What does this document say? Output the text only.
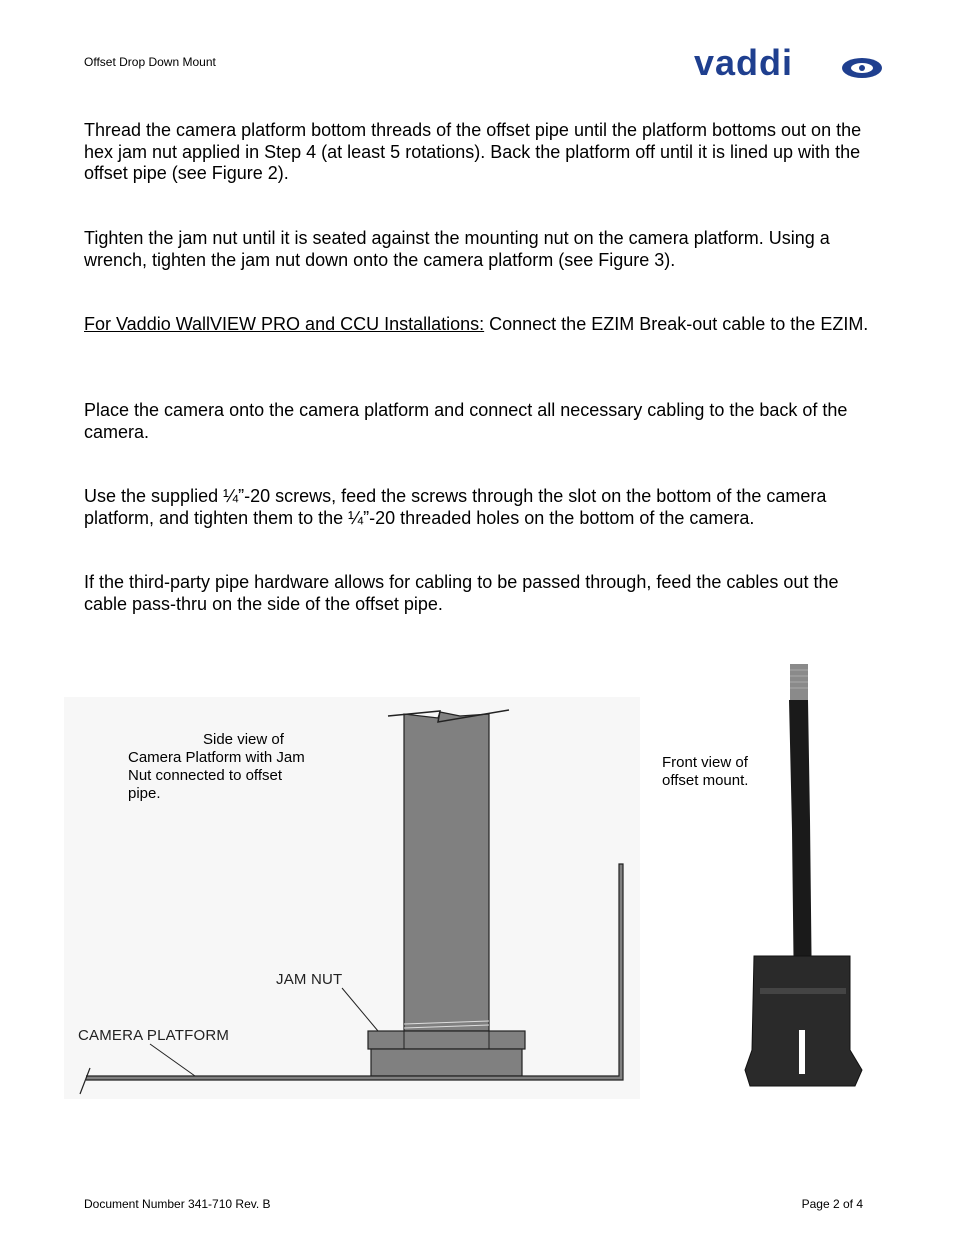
Offset Drop Down Mount	vaddi

Thread the camera platform bottom threads of the offset pipe until the platform bottoms out on the hex jam nut applied in Step 4 (at least 5 rotations). Back the platform off until it is lined up with the offset pipe (see Figure 2).

Tighten the jam nut until it is seated against the mounting nut on the camera platform. Using a wrench, tighten the jam nut down onto the camera platform (see Figure 3).

For Vaddio WallVIEW PRO and CCU Installations: Connect the EZIM Break-out cable to the EZIM.

Place the camera onto the camera platform and connect all necessary cabling to the back of the camera.

Use the supplied ¼”-20 screws, feed the screws through the slot on the bottom of the camera platform, and tighten them to the ¼”-20 threaded holes on the bottom of the camera.

If the third-party pipe hardware allows for cabling to be passed through, feed the cables out the cable pass-thru on the side of the offset pipe.

Side view of
Camera Platform with Jam Nut connected to offset pipe.
JAM NUT
CAMERA PLATFORM
Front view of offset mount.
Document Number 341-710 Rev. B	Page 2 of 4
